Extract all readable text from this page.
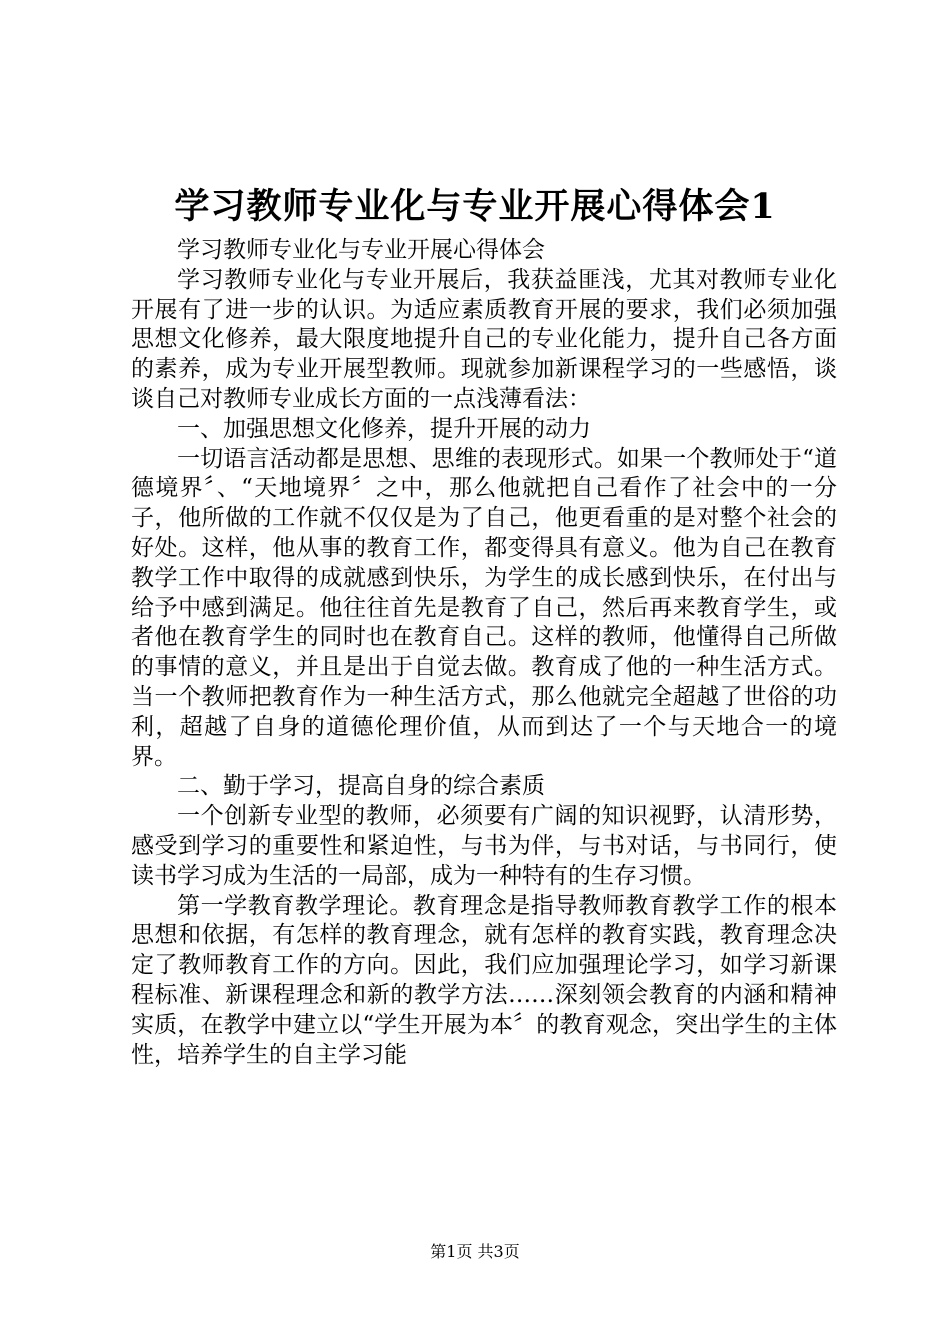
学习教师专业化与专业开展心得体会1

学习教师专业化与专业开展心得体会

学习教师专业化与专业开展后，我获益匪浅，尤其对教师专业化开展有了进一步的认识。为适应素质教育开展的要求，我们必须加强思想文化修养，最大限度地提升自己的专业化能力，提升自己各方面的素养，成为专业开展型教师。现就参加新课程学习的一些感悟，谈谈自己对教师专业成长方面的一点浅薄看法：

一、加强思想文化修养，提升开展的动力

一切语言活动都是思想、思维的表现形式。如果一个教师处于“道德境界〞、“天地境界〞之中，那么他就把自己看作了社会中的一分子，他所做的工作就不仅仅是为了自己，他更看重的是对整个社会的好处。这样，他从事的教育工作，都变得具有意义。他为自己在教育教学工作中取得的成就感到快乐，为学生的成长感到快乐，在付出与给予中感到满足。他往往首先是教育了自己，然后再来教育学生，或者他在教育学生的同时也在教育自己。这样的教师，他懂得自己所做的事情的意义，并且是出于自觉去做。教育成了他的一种生活方式。当一个教师把教育作为一种生活方式，那么他就完全超越了世俗的功利，超越了自身的道德伦理价值，从而到达了一个与天地合一的境界。

二、勤于学习，提高自身的综合素质

一个创新专业型的教师，必须要有广阔的知识视野，认清形势，感受到学习的重要性和紧迫性，与书为伴，与书对话，与书同行，使读书学习成为生活的一局部，成为一种特有的生存习惯。

第一学教育教学理论。教育理念是指导教师教育教学工作的根本思想和依据，有怎样的教育理念，就有怎样的教育实践，教育理念决定了教师教育工作的方向。因此，我们应加强理论学习，如学习新课程标准、新课程理念和新的教学方法……深刻领会教育的内涵和精神实质，在教学中建立以“学生开展为本〞的教育观念，突出学生的主体性，培养学生的自主学习能

第1页 共3页
